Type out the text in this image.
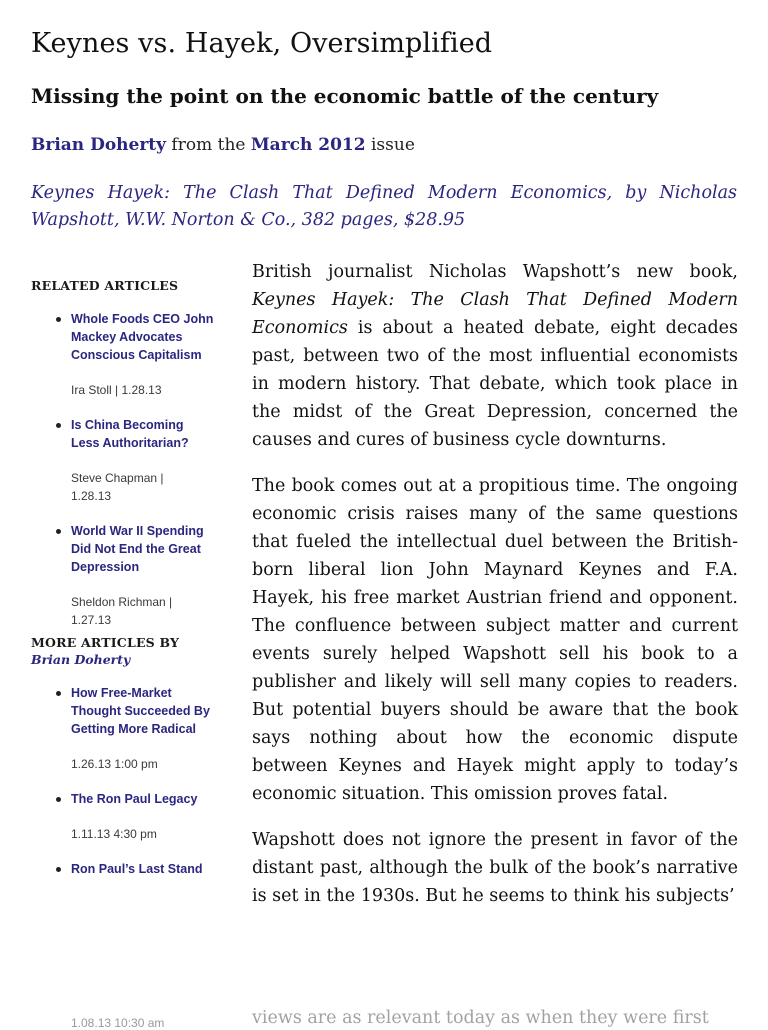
Keynes vs. Hayek, Oversimplified
Missing the point on the economic battle of the century
Brian Doherty from the March 2012 issue
Keynes Hayek: The Clash That Defined Modern Economics, by Nicholas Wapshott, W.W. Norton & Co., 382 pages, $28.95
RELATED ARTICLES
Whole Foods CEO John Mackey Advocates Conscious Capitalism
Ira Stoll | 1.28.13
Is China Becoming Less Authoritarian?
Steve Chapman | 1.28.13
World War II Spending Did Not End the Great Depression
Sheldon Richman | 1.27.13
MORE ARTICLES BY
Brian Doherty
How Free-Market Thought Succeeded By Getting More Radical
1.26.13 1:00 pm
The Ron Paul Legacy
1.11.13 4:30 pm
Ron Paul’s Last Stand
1.08.13 10:30 am

British journalist Nicholas Wapshott’s new book, Keynes Hayek: The Clash That Defined Modern Economics is about a heated debate, eight decades past, between two of the most influential economists in modern history. That debate, which took place in the midst of the Great Depression, concerned the causes and cures of business cycle downturns.

The book comes out at a propitious time. The ongoing economic crisis raises many of the same questions that fueled the intellectual duel between the British-born liberal lion John Maynard Keynes and F.A. Hayek, his free market Austrian friend and opponent. The confluence between subject matter and current events surely helped Wapshott sell his book to a publisher and likely will sell many copies to readers. But potential buyers should be aware that the book says nothing about how the economic dispute between Keynes and Hayek might apply to today’s economic situation. This omission proves fatal.

Wapshott does not ignore the present in favor of the distant past, although the bulk of the book’s narrative is set in the 1930s. But he seems to think his subjects’

views are as relevant today as when they were first
